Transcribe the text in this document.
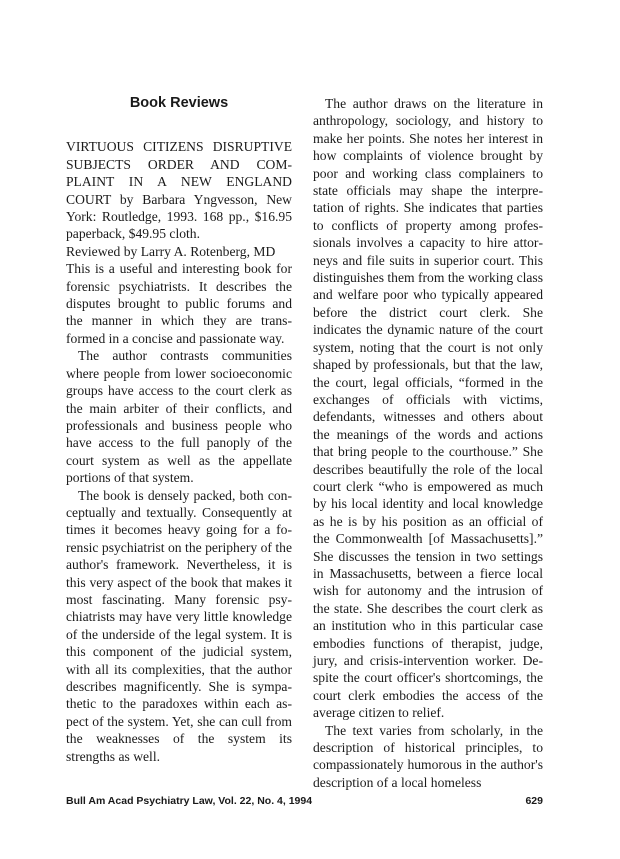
Book Reviews

VIRTUOUS CITIZENS DISRUPTIVE SUBJECTS ORDER AND COMPLAINT IN A NEW ENGLAND COURT by Barbara Yngvesson, New York: Routledge, 1993. 168 pp., $16.95 paperback, $49.95 cloth.

Reviewed by Larry A. Rotenberg, MD

This is a useful and interesting book for forensic psychiatrists. It describes the disputes brought to public forums and the manner in which they are transformed in a concise and passionate way.

The author contrasts communities where people from lower socioeconomic groups have access to the court clerk as the main arbiter of their conflicts, and professionals and business people who have access to the full panoply of the court system as well as the appellate portions of that system.

The book is densely packed, both conceptually and textually. Consequently at times it becomes heavy going for a forensic psychiatrist on the periphery of the author's framework. Nevertheless, it is this very aspect of the book that makes it most fascinating. Many forensic psychiatrists may have very little knowledge of the underside of the legal system. It is this component of the judicial system, with all its complexities, that the author describes magnificently. She is sympathetic to the paradoxes within each aspect of the system. Yet, she can cull from the weaknesses of the system its strengths as well.

The author draws on the literature in anthropology, sociology, and history to make her points. She notes her interest in how complaints of violence brought by poor and working class complainers to state officials may shape the interpretation of rights. She indicates that parties to conflicts of property among professionals involves a capacity to hire attorneys and file suits in superior court. This distinguishes them from the working class and welfare poor who typically appeared before the district court clerk. She indicates the dynamic nature of the court system, noting that the court is not only shaped by professionals, but that the law, the court, legal officials, “formed in the exchanges of officials with victims, defendants, witnesses and others about the meanings of the words and actions that bring people to the courthouse.” She describes beautifully the role of the local court clerk “who is empowered as much by his local identity and local knowledge as he is by his position as an official of the Commonwealth [of Massachusetts].” She discusses the tension in two settings in Massachusetts, between a fierce local wish for autonomy and the intrusion of the state. She describes the court clerk as an institution who in this particular case embodies functions of therapist, judge, jury, and crisis-intervention worker. Despite the court officer's shortcomings, the court clerk embodies the access of the average citizen to relief.

The text varies from scholarly, in the description of historical principles, to compassionately humorous in the author's description of a local homeless

Bull Am Acad Psychiatry Law, Vol. 22, No. 4, 1994	629
